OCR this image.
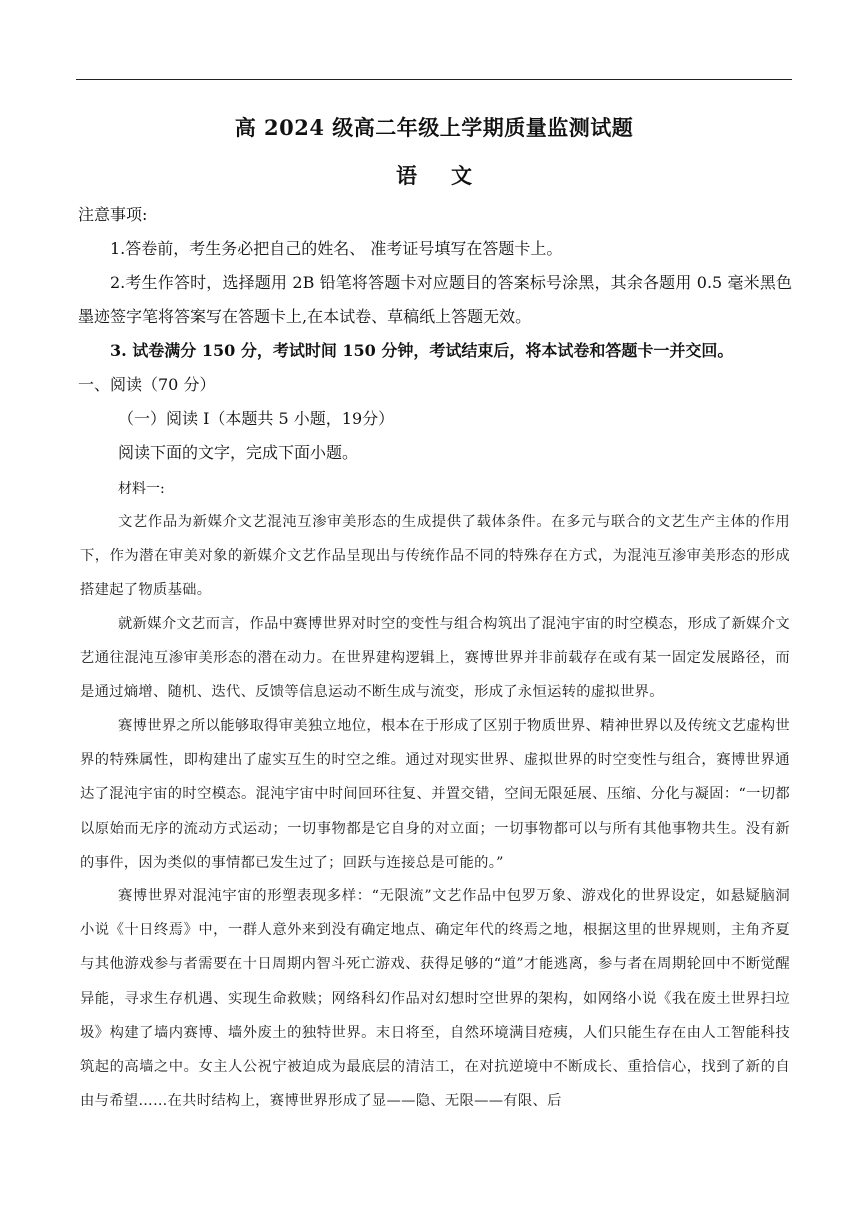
高 2024 级高二年级上学期质量监测试题
语 文
注意事项:
1.答卷前，考生务必把自己的姓名、 准考证号填写在答题卡上。
2.考生作答时，选择题用 2B 铅笔将答题卡对应题目的答案标号涂黑，其余各题用 0.5 毫米黑色墨迹签字笔将答案写在答题卡上,在本试卷、草稿纸上答题无效。
3. 试卷满分 150 分，考试时间 150 分钟，考试结束后，将本试卷和答题卡一并交回。
一、阅读（70 分）
（一）阅读 I（本题共 5 小题，19分）
阅读下面的文字，完成下面小题。
材料一:
文艺作品为新媒介文艺混沌互渗审美形态的生成提供了载体条件。在多元与联合的文艺生产主体的作用下，作为潜在审美对象的新媒介文艺作品呈现出与传统作品不同的特殊存在方式，为混沌互渗审美形态的形成搭建起了物质基础。
就新媒介文艺而言，作品中赛博世界对时空的变性与组合构筑出了混沌宇宙的时空模态，形成了新媒介文艺通往混沌互渗审美形态的潜在动力。在世界建构逻辑上，赛博世界并非前载存在或有某一固定发展路径，而是通过熵增、随机、迭代、反馈等信息运动不断生成与流变，形成了永恒运转的虚拟世界。
赛博世界之所以能够取得审美独立地位，根本在于形成了区别于物质世界、精神世界以及传统文艺虚构世界的特殊属性，即构建出了虚实互生的时空之维。通过对现实世界、虚拟世界的时空变性与组合，赛博世界通达了混沌宇宙的时空模态。混沌宇宙中时间回环往复、并置交错，空间无限延展、压缩、分化与凝固：“一切都以原始而无序的流动方式运动；一切事物都是它自身的对立面；一切事物都可以与所有其他事物共生。没有新的事件，因为类似的事情都已发生过了；回跃与连接总是可能的。”
赛博世界对混沌宇宙的形塑表现多样：“无限流”文艺作品中包罗万象、游戏化的世界设定，如悬疑脑洞小说《十日终焉》中，一群人意外来到没有确定地点、确定年代的终焉之地，根据这里的世界规则，主角齐夏与其他游戏参与者需要在十日周期内智斗死亡游戏、获得足够的“道”才能逃离，参与者在周期轮回中不断觉醒异能，寻求生存机遇、实现生命救赎；网络科幻作品对幻想时空世界的架构，如网络小说《我在废土世界扫垃圾》构建了墙内赛博、墙外废土的独特世界。末日将至，自然环境满目疮痍，人们只能生存在由人工智能科技筑起的高墙之中。女主人公祝宁被迫成为最底层的清洁工，在对抗逆境中不断成长、重拾信心，找到了新的自由与希望……在共时结构上，赛博世界形成了显——隐、无限——有限、后
